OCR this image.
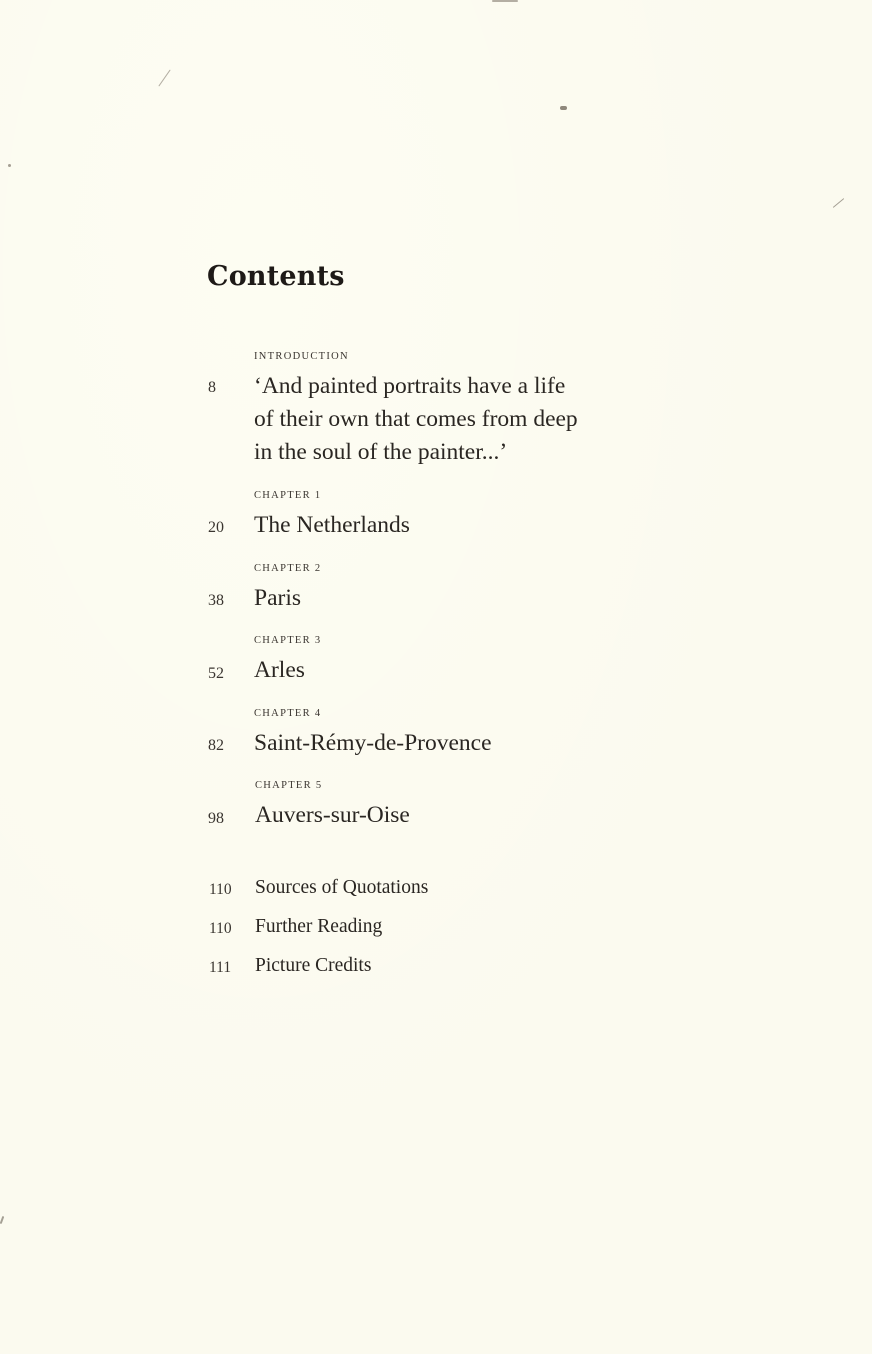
Contents
INTRODUCTION
8 ‘And painted portraits have a life
of their own that comes from deep
in the soul of the painter...’
CHAPTER 1
20 The Netherlands
CHAPTER 2
38 Paris
CHAPTER 3
52 Arles
CHAPTER 4
82 Saint-Rémy-de-Provence
CHAPTER 5
98 Auvers-sur-Oise
110 Sources of Quotations
110 Further Reading
111 Picture Credits
